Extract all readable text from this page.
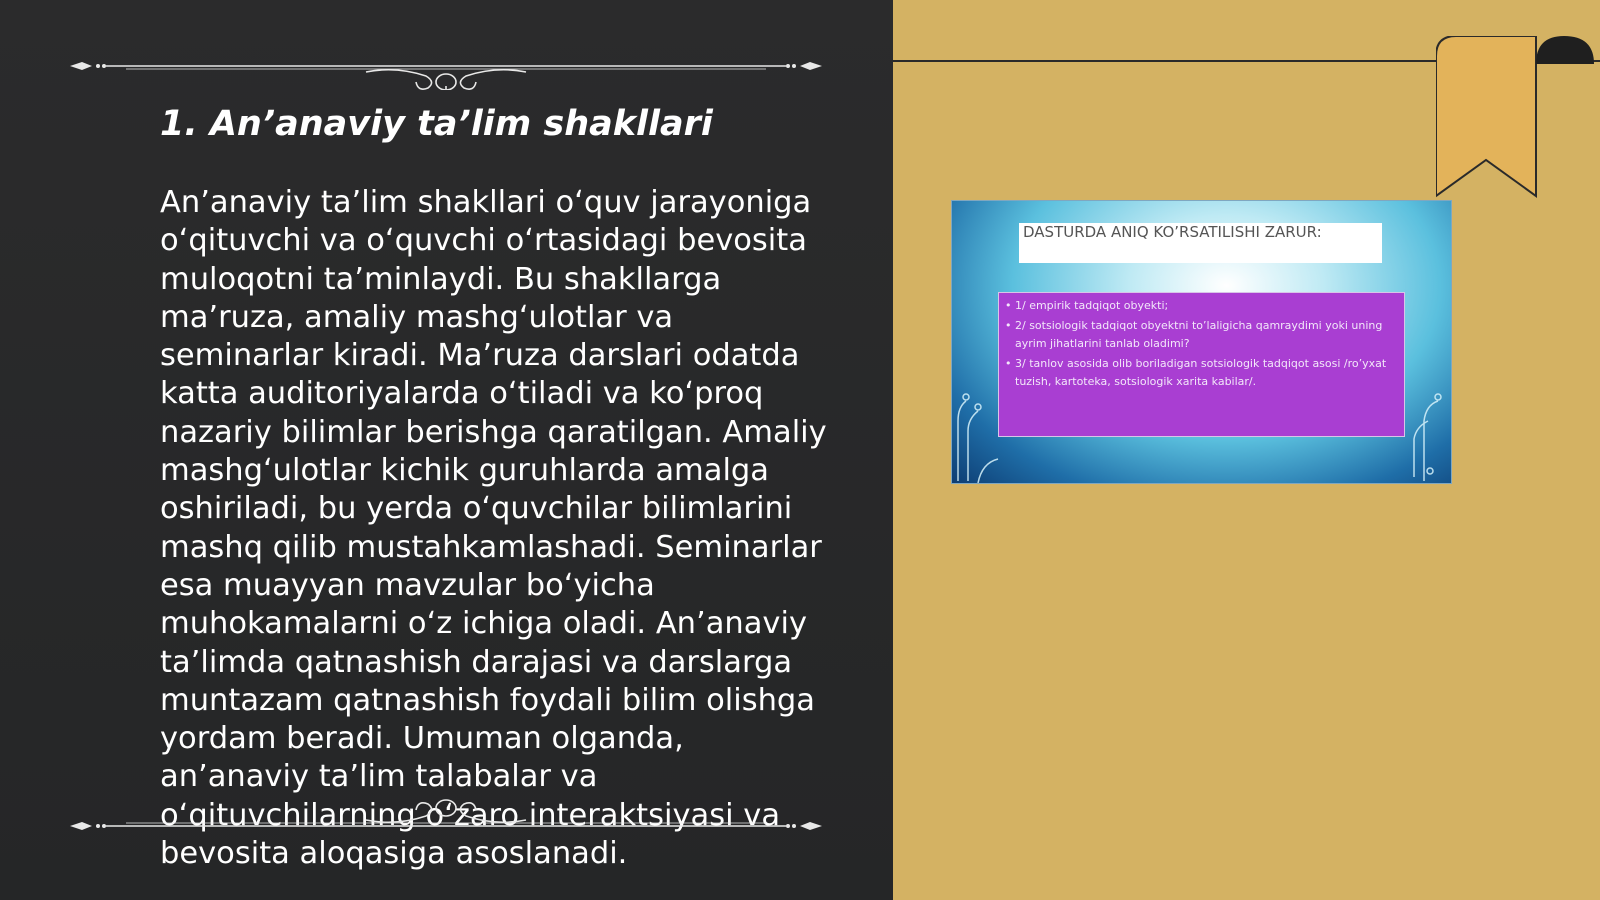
1. An’anaviy ta’lim shakllari

An’anaviy ta’lim shakllari o‘quv jarayoniga o‘qituvchi va o‘quvchi o‘rtasidagi bevosita muloqotni ta’minlaydi. Bu shakllarga ma’ruza, amaliy mashg‘ulotlar va seminarlar kiradi. Ma’ruza darslari odatda katta auditoriyalarda o‘tiladi va ko‘proq nazariy bilimlar berishga qaratilgan. Amaliy mashg‘ulotlar kichik guruhlarda amalga oshiriladi, bu yerda o‘quvchilar bilimlarini mashq qilib mustahkamlashadi. Seminarlar esa muayyan mavzular bo‘yicha muhokamalarni o‘z ichiga oladi. An’anaviy ta’limda qatnashish darajasi va darslarga muntazam qatnashish foydali bilim olishga yordam beradi. Umuman olganda, an’anaviy ta’lim talabalar va o‘qituvchilarning o‘zaro interaktsiyasi va bevosita aloqasiga asoslanadi.

DASTURDA ANIQ KO’RSATILISHI ZARUR:
• 1/ empirik tadqiqot obyekti;
• 2/ sotsiologik tadqiqot obyektni to’laligicha qamraydimi yoki uning ayrim jihatlarini tanlab oladimi?
• 3/ tanlov asosida olib boriladigan sotsiologik tadqiqot asosi /ro’yxat tuzish, kartoteka, sotsiologik xarita kabilar/.
